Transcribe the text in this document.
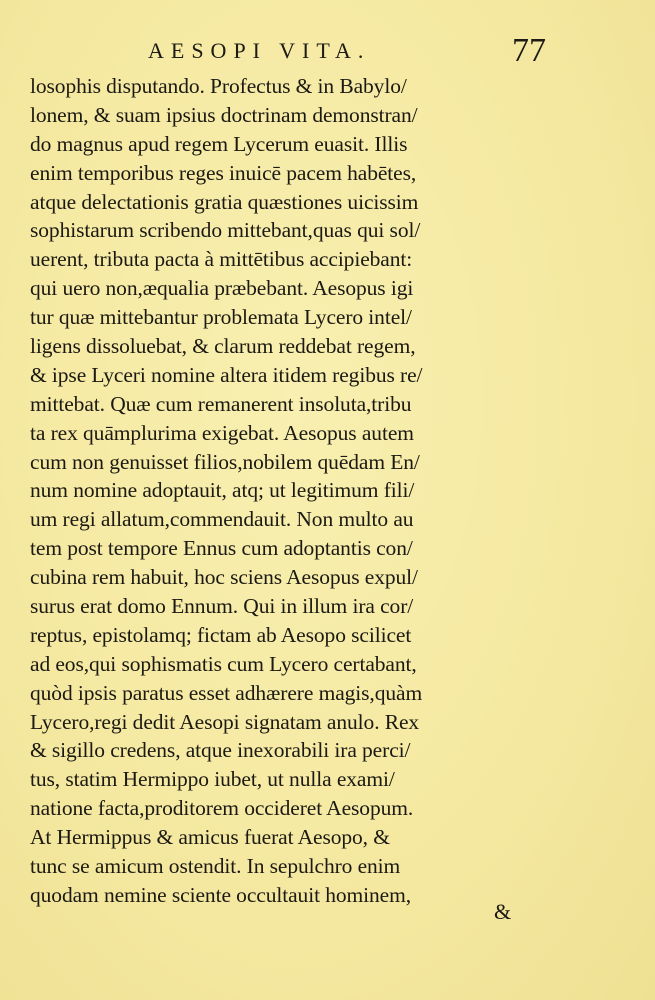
AESOPI VITA.	77
losophis disputando. Profectus & in Babylo/
lonem, & suam ipsius doctrinam demonstran/
do magnus apud regem Lycerum euasit. Illis
enim temporibus reges inuicē pacem habētes,
atque delectationis gratia quæstiones uicissim
sophistarum scribendo mittebant,quas qui sol/
uerent, tributa pacta à mittētibus accipiebant:
qui uero non,æqualia præbebant. Aesopus igi
tur quæ mittebantur problemata Lycero intel/
ligens dissoluebat, & clarum reddebat regem,
& ipse Lyceri nomine altera itidem regibus re/
mittebat. Quæ cum remanerent insoluta,tribu
ta rex quāmplurima exigebat. Aesopus autem
cum non genuisset filios,nobilem quēdam En/
num nomine adoptauit, atq; ut legitimum fili/
um regi allatum,commendauit. Non multo au
tem post tempore Ennus cum adoptantis con/
cubina rem habuit, hoc sciens Aesopus expul/
surus erat domo Ennum. Qui in illum ira cor/
reptus, epistolamq; fictam ab Aesopo scilicet
ad eos,qui sophismatis cum Lycero certabant,
quòd ipsis paratus esset adhærere magis,quàm
Lycero,regi dedit Aesopi signatam anulo. Rex
& sigillo credens, atque inexorabili ira perci/
tus, statim Hermippo iubet, ut nulla exami/
natione facta,proditorem occideret Aesopum.
At Hermippus & amicus fuerat Aesopo, &
tunc se amicum ostendit. In sepulchro enim
quodam nemine sciente occultauit hominem,
&
